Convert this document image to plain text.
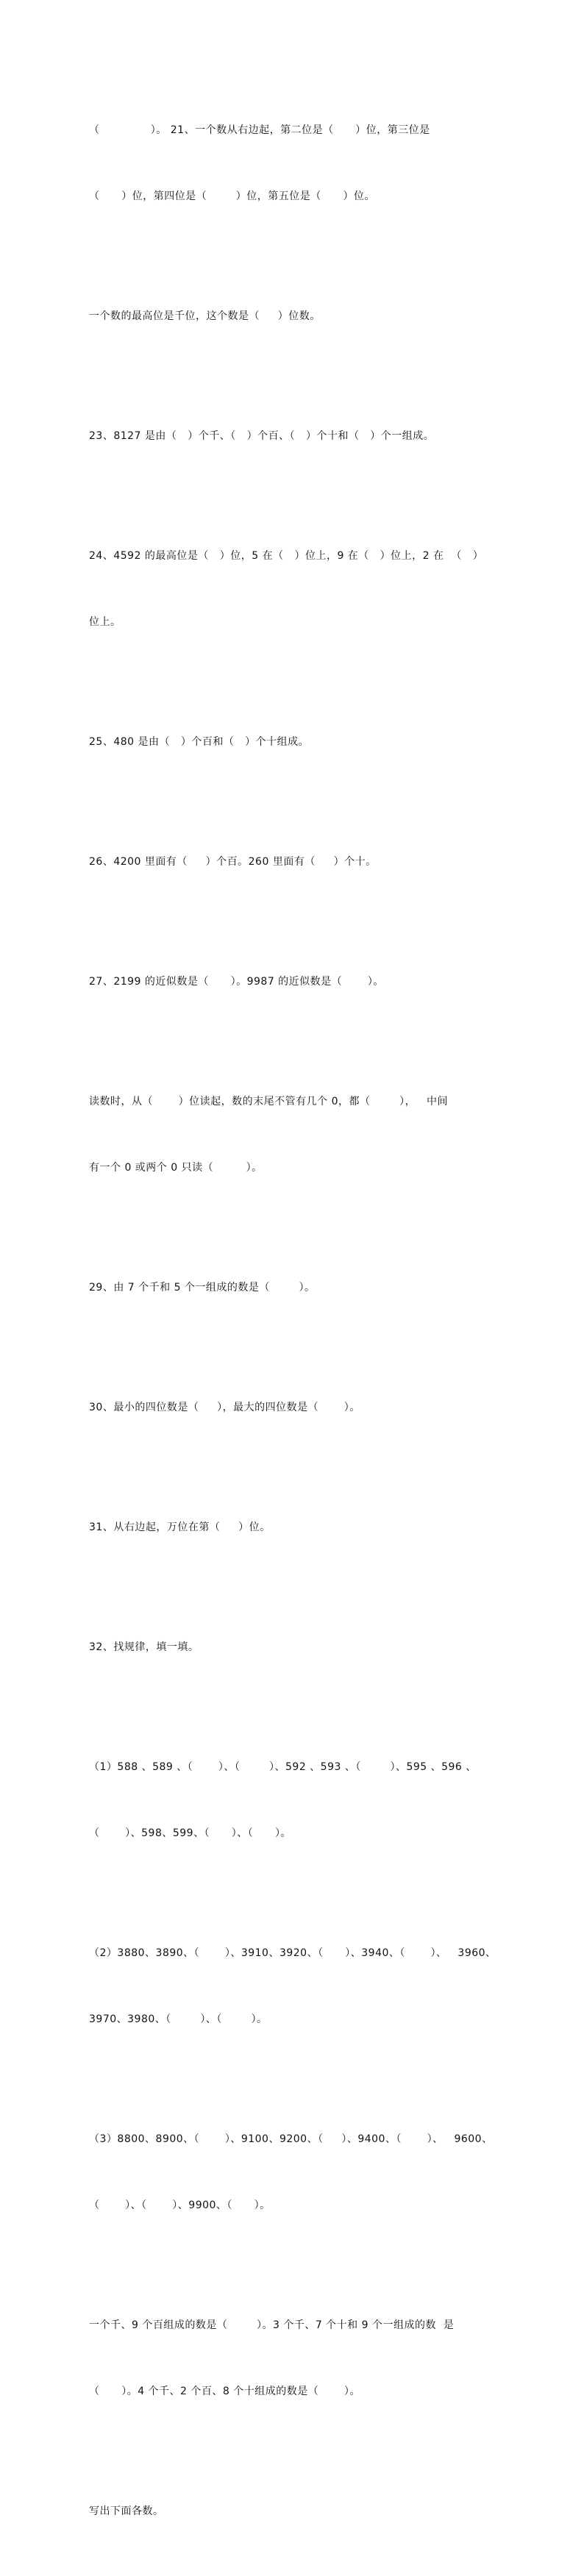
（              ）。 21、一个数从右边起，第二位是（      ）位，第三位是

（      ）位，第四位是（        ）位，第五位是（      ）位。

一个数的最高位是千位，这个数是（     ）位数。

23、8127 是由（   ）个千、（   ）个百、（   ）个十和（   ）个一组成。

24、4592 的最高位是（   ）位，5 在（   ）位上，9 在（   ）位上，2 在  （   ）

位上。

25、480 是由（   ）个百和（   ）个十组成。

26、4200 里面有（     ）个百。260 里面有（     ）个十。

27、2199 的近似数是（      ）。9987 的近似数是（       ）。

读数时，从（       ）位读起，数的末尾不管有几个 0，都（        ），   中间

有一个 0 或两个 0 只读（         ）。

29、由 7 个千和 5 个一组成的数是（        ）。

30、最小的四位数是（     ），最大的四位数是（       ）。

31、从右边起，万位在第（     ）位。

32、找规律，填一填。

（1）588 、589 、（       ）、（        ）、592 、593 、（        ）、595 、596 、

（       ）、598、599、（      ）、（      ）。

（2）3880、3890、（       ）、3910、3920、（      ）、3940、（       ）、   3960、

3970、3980、（        ）、（        ）。

（3）8800、8900、（       ）、9100、9200、（     ）、9400、（       ）、   9600、

（       ）、（       ）、9900、（      ）。

一个千、9 个百组成的数是（        ）。3 个千、7 个十和 9 个一组成的数  是

（      ）。4 个千、2 个百、8 个十组成的数是（       ）。

写出下面各数。
